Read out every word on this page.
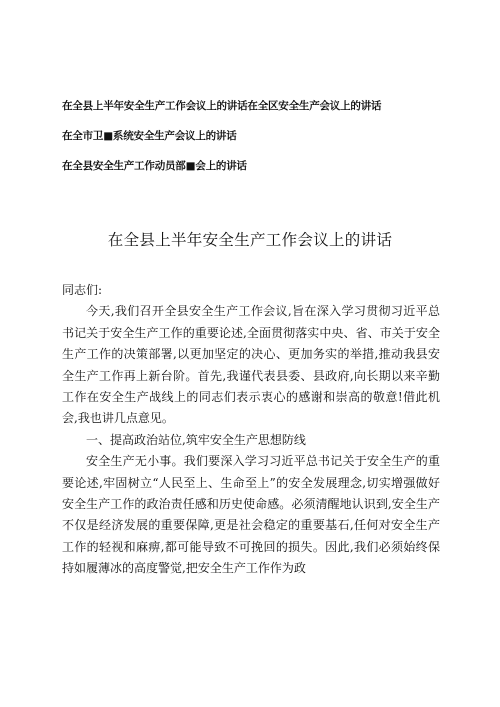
在全县上半年安全生产工作会议上的讲话在全区安全生产会议上的讲话
在全市卫■系统安全生产会议上的讲话
在全县安全生产工作动员部■会上的讲话
在全县上半年安全生产工作会议上的讲话

同志们:

今天,我们召开全县安全生产工作会议,旨在深入学习贯彻习近平总书记关于安全生产工作的重要论述,全面贯彻落实中央、省、市关于安全生产工作的决策部署,以更加坚定的决心、更加务实的举措,推动我县安全生产工作再上新台阶。首先,我谨代表县委、县政府,向长期以来辛勤工作在安全生产战线上的同志们表示衷心的感谢和崇高的敬意!借此机会,我也讲几点意见。

一、提高政治站位,筑牢安全生产思想防线

安全生产无小事。我们要深入学习习近平总书记关于安全生产的重要论述,牢固树立“人民至上、生命至上”的安全发展理念,切实增强做好安全生产工作的政治责任感和历史使命感。必须清醒地认识到,安全生产不仅是经济发展的重要保障,更是社会稳定的重要基石,任何对安全生产工作的轻视和麻痹,都可能导致不可挽回的损失。因此,我们必须始终保持如履薄冰的高度警觉,把安全生产工作作为政
